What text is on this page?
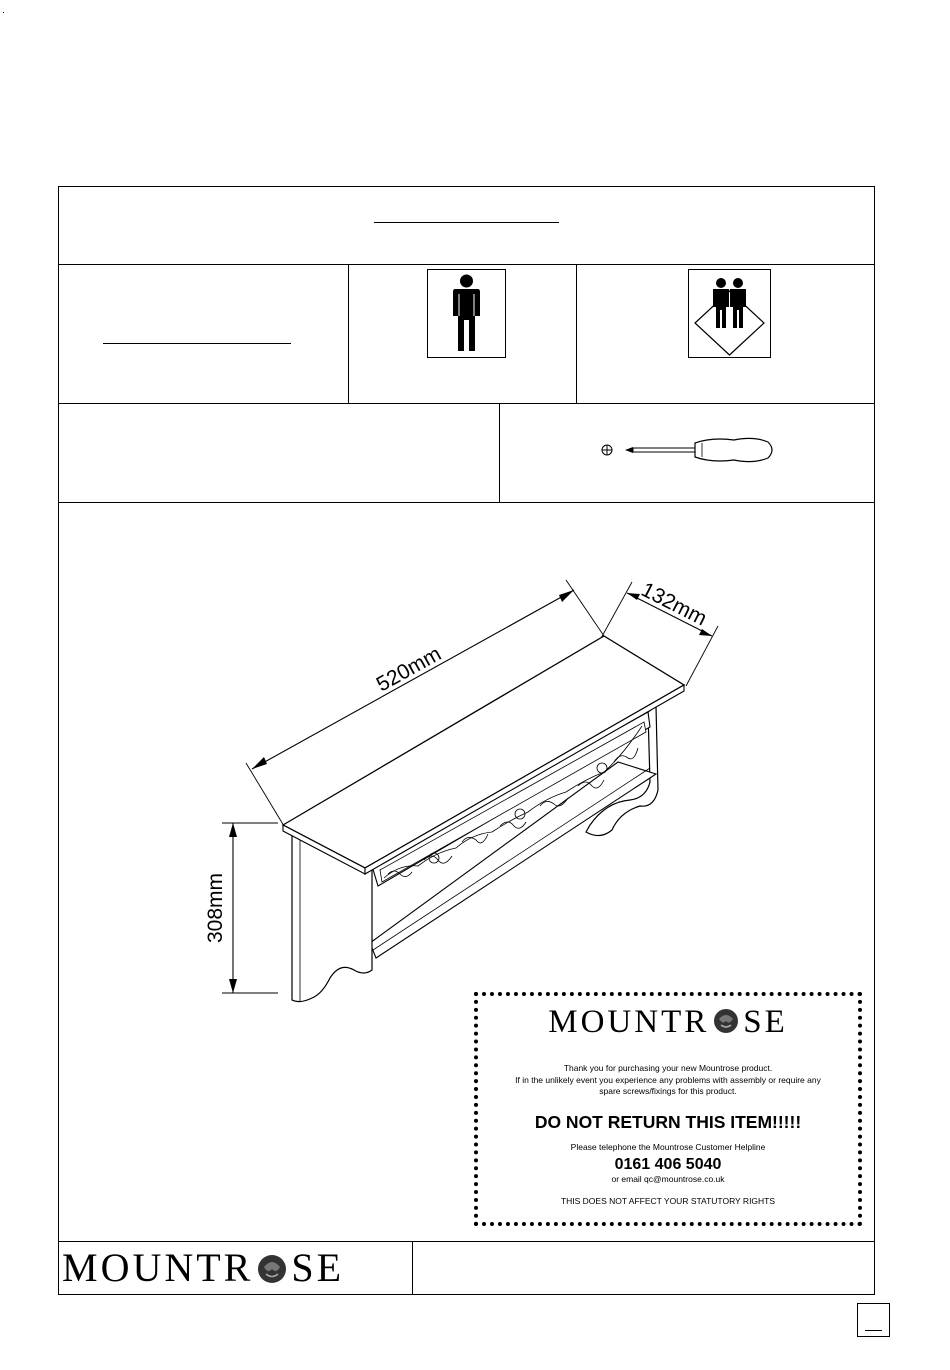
520mm
132mm
308mm
MOUNTR SE
Thank you for purchasing your new Mountrose product.
If in the unlikely event you experience any problems with assembly or require any
spare screws/fixings for this product.
DO NOT RETURN THIS ITEM!!!!!
Please telephone the Mountrose Customer Helpline
0161 406 5040
or email qc@mountrose.co.uk
THIS DOES NOT AFFECT YOUR STATUTORY RIGHTS
MOUNTR SE
